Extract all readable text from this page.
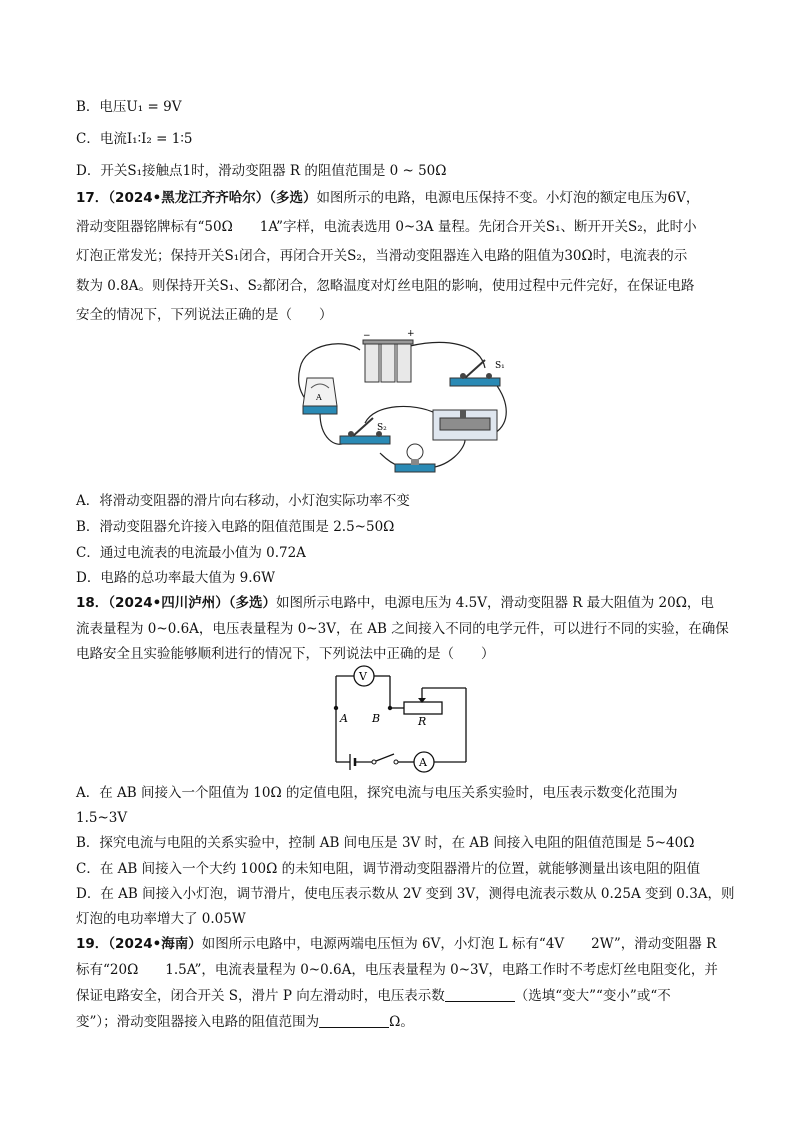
B．电压U₁ = 9V
C．电流I₁∶I₂ = 1∶5
D．开关S₁接触点1时，滑动变阻器 R 的阻值范围是 0 ~ 50Ω
17．（2024•黑龙江齐齐哈尔）（多选）如图所示的电路，电源电压保持不变。小灯泡的额定电压为6V，
滑动变阻器铭牌标有“50Ω　　1A”字样，电流表选用 0~3A 量程。先闭合开关S₁、断开开关S₂，此时小
灯泡正常发光；保持开关S₁闭合，再闭合开关S₂，当滑动变阻器连入电路的阻值为30Ω时，电流表的示
数为 0.8A。则保持开关S₁、S₂都闭合，忽略温度对灯丝电阻的影响，使用过程中元件完好，在保证电路
安全的情况下，下列说法正确的是（　　）
−	+
A
S₁
S₂
A．将滑动变阻器的滑片向右移动，小灯泡实际功率不变
B．滑动变阻器允许接入电路的阻值范围是 2.5~50Ω
C．通过电流表的电流最小值为 0.72A
D．电路的总功率最大值为 9.6W
18．（2024•四川泸州）（多选）如图所示电路中，电源电压为 4.5V，滑动变阻器 R 最大阻值为 20Ω，电
流表量程为 0~0.6A，电压表量程为 0~3V，在 AB 之间接入不同的电学元件，可以进行不同的实验，在确保
电路安全且实验能够顺利进行的情况下，下列说法中正确的是（　　）
V
A B	R
A
A．在 AB 间接入一个阻值为 10Ω 的定值电阻，探究电流与电压关系实验时，电压表示数变化范围为
1.5~3V
B．探究电流与电阻的关系实验中，控制 AB 间电压是 3V 时，在 AB 间接入电阻的阻值范围是 5~40Ω
C．在 AB 间接入一个大约 100Ω 的未知电阻，调节滑动变阻器滑片的位置，就能够测量出该电阻的阻值
D．在 AB 间接入小灯泡，调节滑片，使电压表示数从 2V 变到 3V，测得电流表示数从 0.25A 变到 0.3A，则
灯泡的电功率增大了 0.05W
19．（2024•海南）如图所示电路中，电源两端电压恒为 6V，小灯泡 L 标有“4V　　2W”，滑动变阻器 R
标有“20Ω　　1.5A”，电流表量程为 0~0.6A，电压表量程为 0~3V，电路工作时不考虑灯丝电阻变化，并
保证电路安全，闭合开关 S，滑片 P 向左滑动时，电压表示数	（选填“变大”“变小”或“不
变”）；滑动变阻器接入电路的阻值范围为	Ω。
